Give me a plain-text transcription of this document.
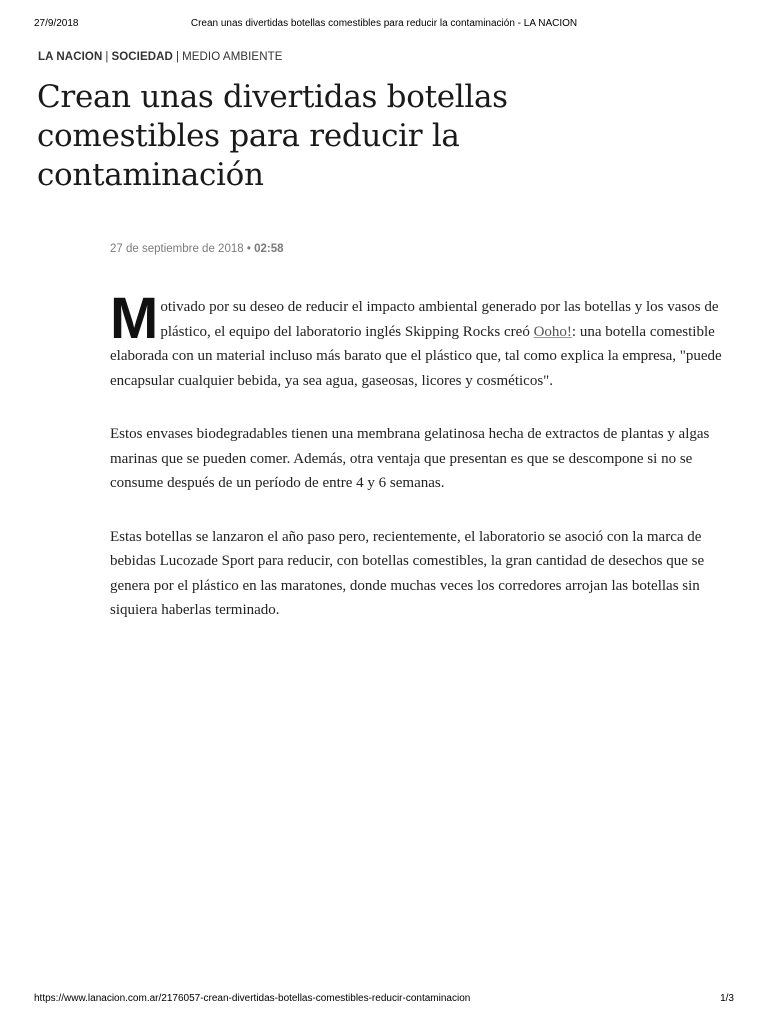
27/9/2018	Crean unas divertidas botellas comestibles para reducir la contaminación - LA NACION
LA NACION | SOCIEDAD | MEDIO AMBIENTE
Crean unas divertidas botellas comestibles para reducir la contaminación
27 de septiembre de 2018 • 02:58

Motivado por su deseo de reducir el impacto ambiental generado por las botellas y los vasos de plástico, el equipo del laboratorio inglés Skipping Rocks creó Ooho!: una botella comestible elaborada con un material incluso más barato que el plástico que, tal como explica la empresa, "puede encapsular cualquier bebida, ya sea agua, gaseosas, licores y cosméticos".

Estos envases biodegradables tienen una membrana gelatinosa hecha de extractos de plantas y algas marinas que se pueden comer. Además, otra ventaja que presentan es que se descompone si no se consume después de un período de entre 4 y 6 semanas.

Estas botellas se lanzaron el año paso pero, recientemente, el laboratorio se asoció con la marca de bebidas Lucozade Sport para reducir, con botellas comestibles, la gran cantidad de desechos que se genera por el plástico en las maratones, donde muchas veces los corredores arrojan las botellas sin siquiera haberlas terminado.

https://www.lanacion.com.ar/2176057-crean-divertidas-botellas-comestibles-reducir-contaminacion	1/3
